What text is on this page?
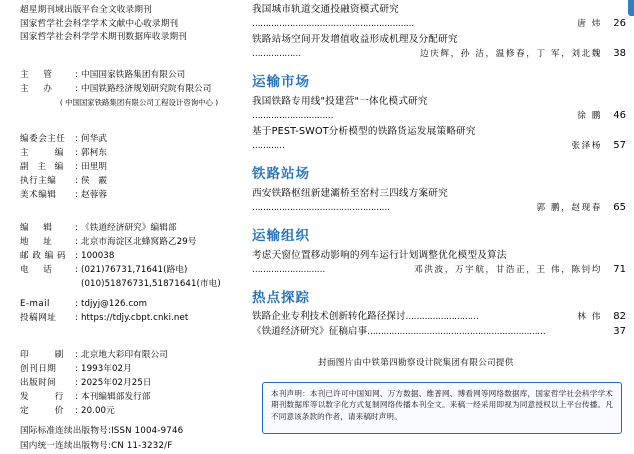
超星期刊域出版平台全文收录期刊
国家哲学社会科学学术文献中心收录期刊
国家哲学社会科学学术期刊数据库收录期刊
主　管	: 中国国家铁路集团有限公司
主　办	: 中国铁路经济规划研究院有限公司
( 中国国家铁路集团有限公司工程设计咨询中心 )
编委会主任	: 何华武
主　　编	: 郭柯东
副 主 编	: 田里明
执行主编	: 侯　霰
美术编辑	: 赵蓉蓉
编　辑	: 《铁道经济研究》编辑部
地　址	: 北京市海淀区北蜂窝路乙29号
邮 政 编 码	: 100038
电　话	: (021)76731,71641(路电)
(010)51876731,51871641(市电)
E-mail	: tdjyj@126.com
投稿网址	: https://tdjy.cbpt.cnki.net
印　　刷	: 北京地大彩印有限公司
创刊日期	: 1993年02月
出版时间	: 2025年02月25日
发　　行	: 本刊编辑部发行部
定　　价	: 20.00元
国际标准连续出版物号:ISSN 1004-9746
国内统一连续出版物号:CN 11-3232/F
我国城市轨道交通投融资模式研究
……………………………………………………	唐 炜	26
铁路站场空间开发增值收益形成机理及分配研究
………………	边庆辉，孙 洁，温修春，丁 军，刘北魏	38
运输市场
我国铁路专用线"投建营"一体化模式研究
…………………………	徐 鹏	46
基于PEST-SWOT分析模型的铁路货运发展策略研究
…………	张泽杨	57
铁路站场
西安铁路枢纽新建灞桥至窑村三四线方案研究
……………………………………………	郭 鹏，赵现春	65
运输组织
考虑天窗位置移动影响的列车运行计划调整优化模型及算法
………………………	邓洪波，万宇航，甘浩正，王 伟，陈钊均	71
热点探踪
铁路企业专利技术创新转化路径探讨 ………………………	林 伟	82
《铁道经济研究》征稿启事 …………………………………………………………	37
封面图片由中铁第四勘察设计院集团有限公司提供

本刊声明：本刊已许可中国知网、万方数据、维普网、博看网等网络数据库，国家哲学社会科学学术期刊数据库等以数字化方式复制网络传播本刊全文。来稿一经采用即视为同意授权以上平台传播。凡不同意该条款的作者，请来稿时声明。
